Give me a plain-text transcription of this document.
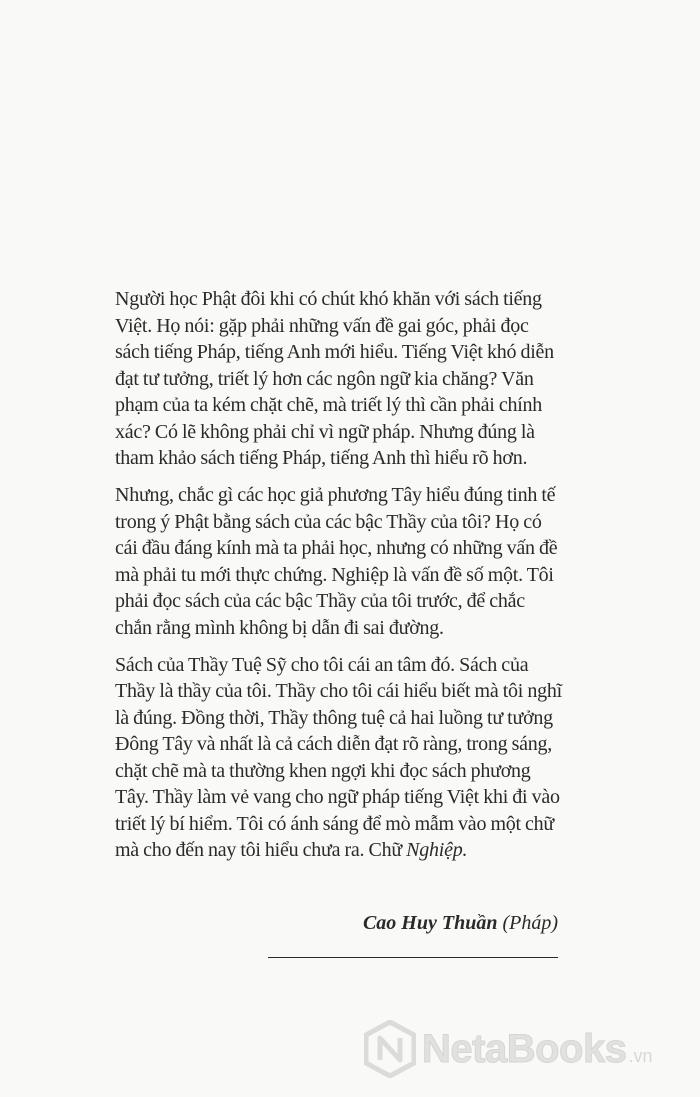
Người học Phật đôi khi có chút khó khăn với sách tiếng Việt. Họ nói: gặp phải những vấn đề gai góc, phải đọc sách tiếng Pháp, tiếng Anh mới hiểu. Tiếng Việt khó diễn đạt tư tưởng, triết lý hơn các ngôn ngữ kia chăng? Văn phạm của ta kém chặt chẽ, mà triết lý thì cần phải chính xác? Có lẽ không phải chỉ vì ngữ pháp. Nhưng đúng là tham khảo sách tiếng Pháp, tiếng Anh thì hiểu rõ hơn.

Nhưng, chắc gì các học giả phương Tây hiểu đúng tinh tế trong ý Phật bằng sách của các bậc Thầy của tôi? Họ có cái đầu đáng kính mà ta phải học, nhưng có những vấn đề mà phải tu mới thực chứng. Nghiệp là vấn đề số một. Tôi phải đọc sách của các bậc Thầy của tôi trước, để chắc chắn rằng mình không bị dẫn đi sai đường.

Sách của Thầy Tuệ Sỹ cho tôi cái an tâm đó. Sách của Thầy là thầy của tôi. Thầy cho tôi cái hiểu biết mà tôi nghĩ là đúng. Đồng thời, Thầy thông tuệ cả hai luồng tư tưởng Đông Tây và nhất là cả cách diễn đạt rõ ràng, trong sáng, chặt chẽ mà ta thường khen ngợi khi đọc sách phương Tây. Thầy làm vẻ vang cho ngữ pháp tiếng Việt khi đi vào triết lý bí hiểm. Tôi có ánh sáng để mò mẫm vào một chữ mà cho đến nay tôi hiểu chưa ra. Chữ Nghiệp.

Cao Huy Thuần (Pháp)
NetaBooks .vn
